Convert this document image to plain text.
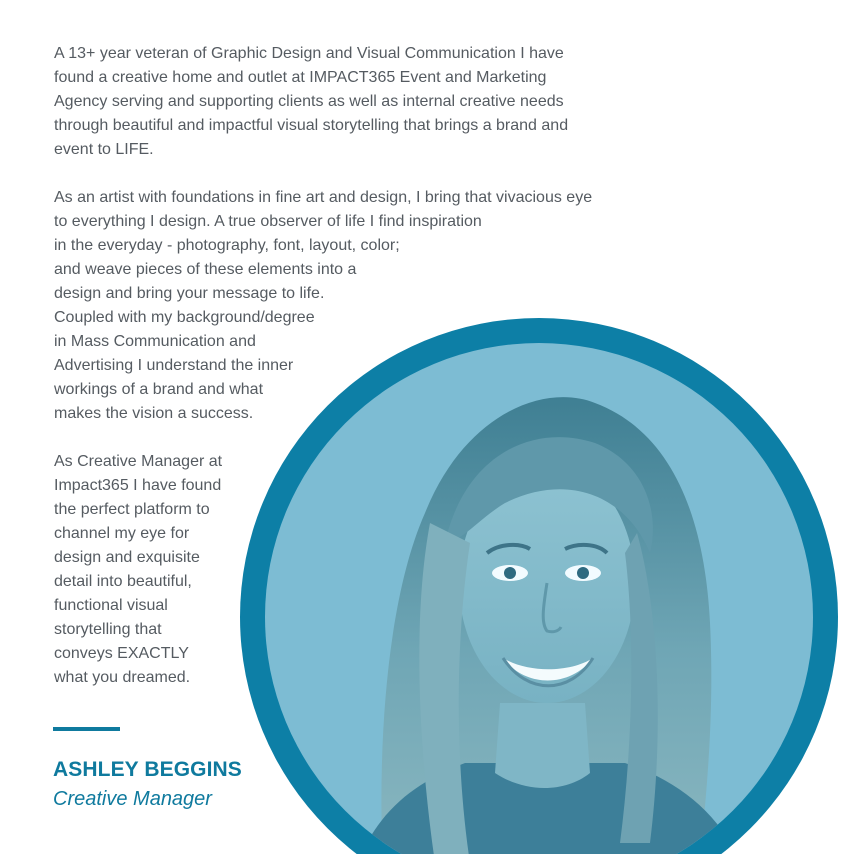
A 13+ year veteran of Graphic Design and Visual Communication I have
found a creative home and outlet at IMPACT365 Event and Marketing
Agency serving and supporting clients as well as internal creative needs
through beautiful and impactful visual storytelling that brings a brand and
event to LIFE.

As an artist with foundations in fine art and design, I bring that vivacious eye
to everything I design. A true observer of life I find inspiration
in the everyday - photography, font, layout, color;
and weave pieces of these elements into a
design and bring your message to life.
Coupled with my background/degree
in Mass Communication and
Advertising I understand the inner
workings of a brand and what
makes the vision a success.

As Creative Manager at
Impact365 I have found
the perfect platform to
channel my eye for
design and exquisite
detail into beautiful,
functional visual
storytelling that
conveys EXACTLY
what you dreamed.

ASHLEY BEGGINS
Creative Manager
